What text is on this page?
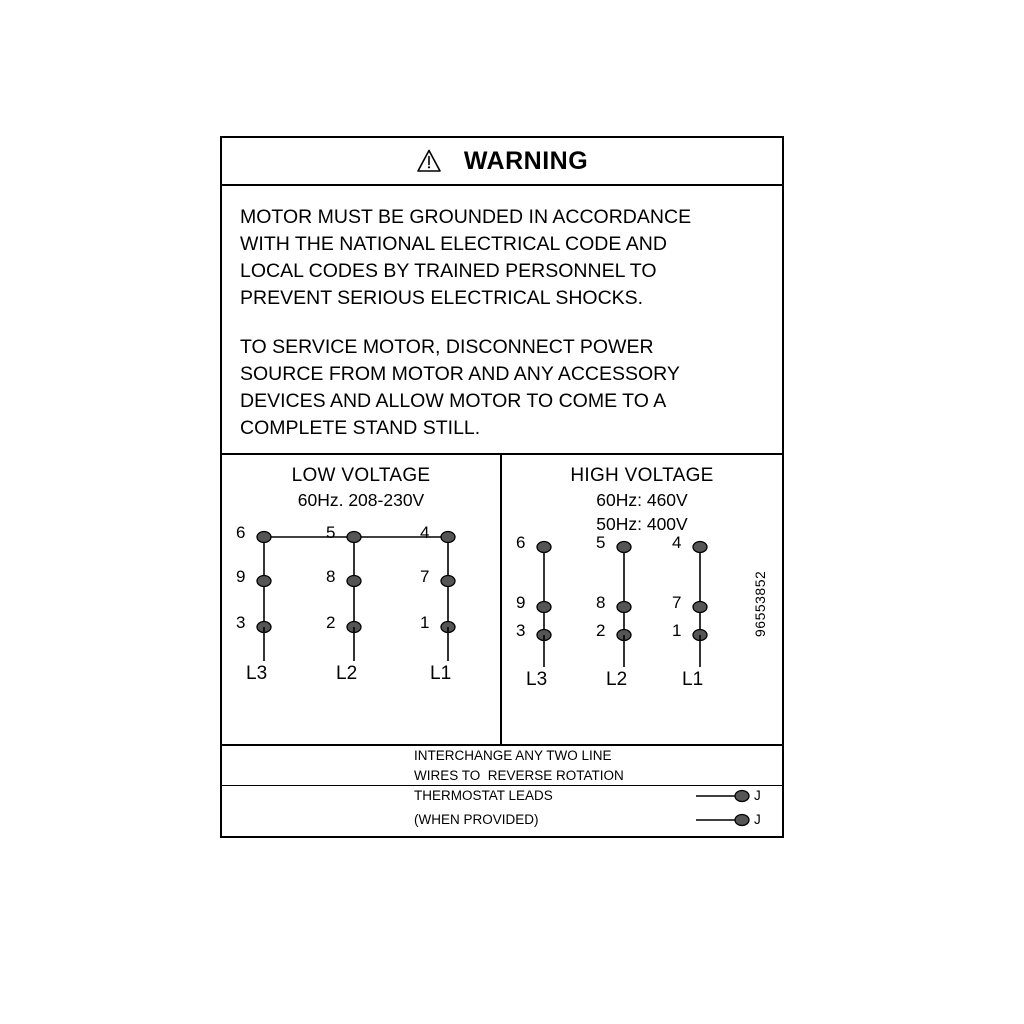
WARNING
MOTOR MUST BE GROUNDED IN ACCORDANCE
WITH THE NATIONAL ELECTRICAL CODE AND
LOCAL CODES BY TRAINED PERSONNEL TO
PREVENT SERIOUS ELECTRICAL SHOCKS.
TO SERVICE MOTOR, DISCONNECT POWER
SOURCE FROM MOTOR AND ANY ACCESSORY
DEVICES AND ALLOW MOTOR TO COME TO A
COMPLETE STAND STILL.
LOW VOLTAGE
60Hz. 208-230V
6	5	4
9	8	7
3	2	1
L3	L2	L1
HIGH VOLTAGE
60Hz: 460V
50Hz: 400V
6	5	4
9	8	7
3	2	1
L3	L2	L1
INTERCHANGE ANY TWO LINE
WIRES TO  REVERSE ROTATION
THERMOSTAT LEADS
(WHEN PROVIDED)
J
J
96553852
